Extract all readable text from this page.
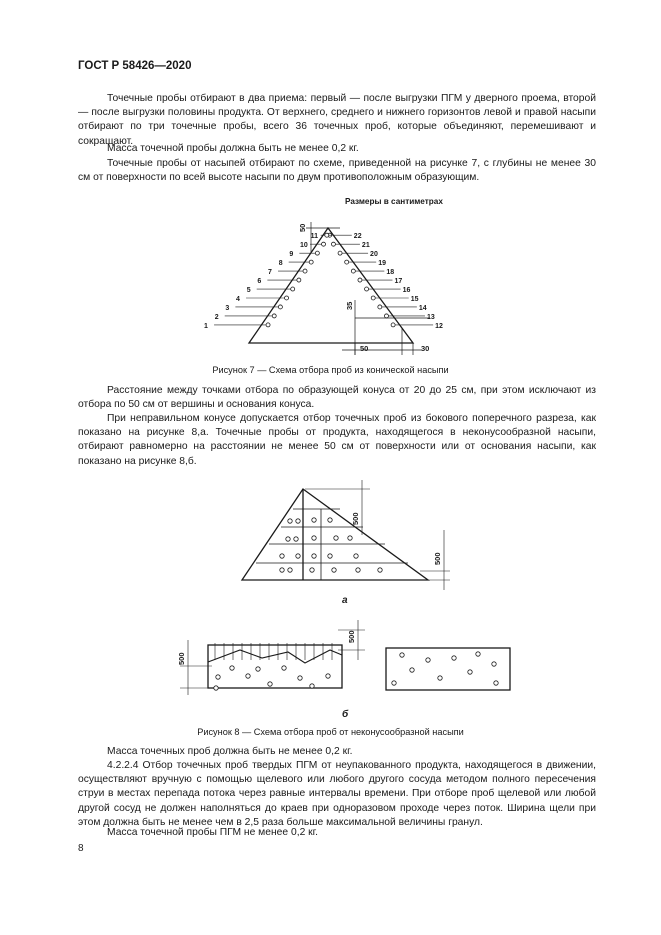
ГОСТ Р 58426—2020

Точечные пробы отбирают в два приема: первый — после выгрузки ПГМ у дверного проема, второй — после выгрузки половины продукта. От верхнего, среднего и нижнего горизонтов левой и правой насыпи отбирают по три точечные пробы, всего 36 точечных проб, которые объединяют, перемешивают и сокращают.

Масса точечной пробы должна быть не менее 0,2 кг.

Точечные пробы от насыпей отбирают по схеме, приведенной на рисунке 7, с глубины не менее 30 см от поверхности по всей высоте насыпи по двум противоположным образующим.

Размеры в сантиметрах
1	12
2	13
3	14
4	15
5	16
6	17
7	18
8	19
9	20
10	21
11	22
50
35
50	30
500
500
500
500
Рисунок 7 — Схема отбора проб из конической насыпи

Расстояние между точками отбора по образующей конуса от 20 до 25 см, при этом исключают из отбора по 50 см от вершины и основания конуса.

При неправильном конусе допускается отбор точечных проб из бокового поперечного разреза, как показано на рисунке 8,а. Точечные пробы от продукта, находящегося в неконусообразной насыпи, отбирают равномерно на расстоянии не менее 50 см от поверхности или от основания насыпи, как показано на рисунке 8,б.

а
б
Рисунок 8 — Схема отбора проб от неконусообразной насыпи

Масса точечных проб должна быть не менее 0,2 кг.

4.2.2.4 Отбор точечных проб твердых ПГМ от неупакованного продукта, находящегося в движении, осуществляют вручную с помощью щелевого или любого другого сосуда методом полного пересечения струи в местах перепада потока через равные интервалы времени. При отборе проб щелевой или любой другой сосуд не должен наполняться до краев при одноразовом проходе через поток. Ширина щели при этом должна быть не менее чем в 2,5 раза больше максимальной величины гранул.

Масса точечной пробы ПГМ не менее 0,2 кг.

8
